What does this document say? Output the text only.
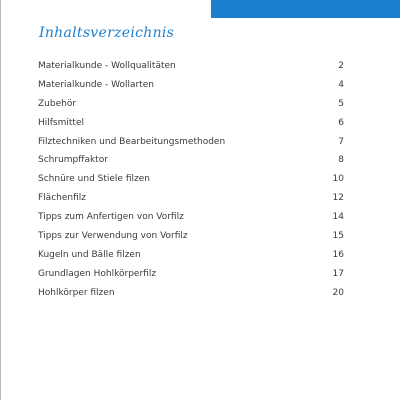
Inhaltsverzeichnis
Materialkunde - Wollqualitäten	2
Materialkunde - Wollarten	4
Zubehör	5
Hilfsmittel	6
Filztechniken und Bearbeitungsmethoden	7
Schrumpffaktor	8
Schnüre und Stiele filzen	10
Flächenfilz	12
Tipps zum Anfertigen von Vorfilz	14
Tipps zur Verwendung von Vorfilz	15
Kugeln und Bälle filzen	16
Grundlagen Hohlkörperfilz	17
Hohlkörper filzen	20
